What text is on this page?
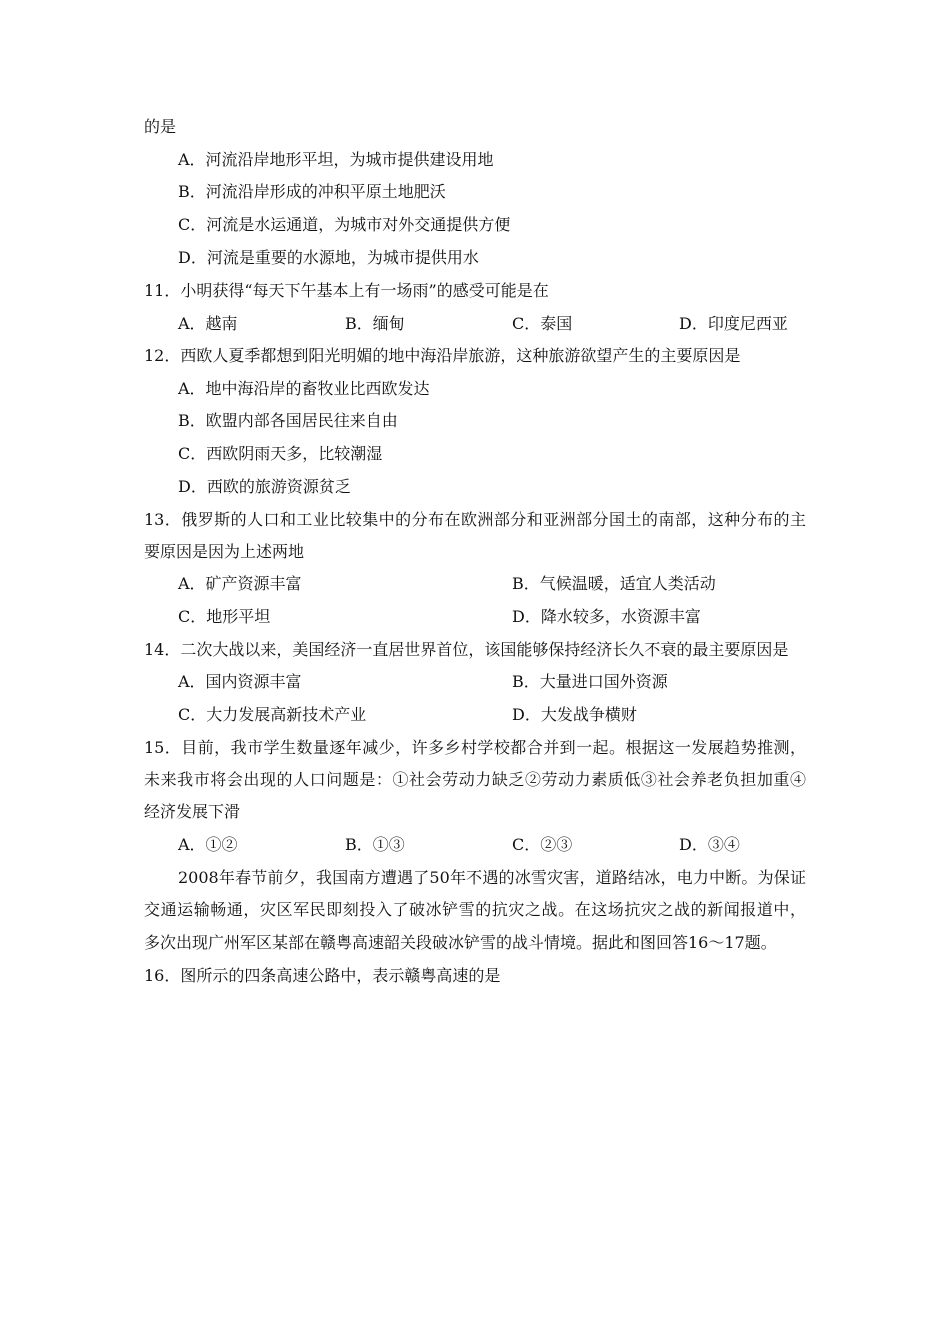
的是
A．河流沿岸地形平坦，为城市提供建设用地
B．河流沿岸形成的冲积平原土地肥沃
C．河流是水运通道，为城市对外交通提供方便
D．河流是重要的水源地，为城市提供用水
11．小明获得“每天下午基本上有一场雨”的感受可能是在
A．越南	B．缅甸	C．泰国	D．印度尼西亚
12．西欧人夏季都想到阳光明媚的地中海沿岸旅游，这种旅游欲望产生的主要原因是
A．地中海沿岸的畜牧业比西欧发达
B．欧盟内部各国居民往来自由
C．西欧阴雨天多，比较潮湿
D．西欧的旅游资源贫乏
13．俄罗斯的人口和工业比较集中的分布在欧洲部分和亚洲部分国土的南部，这种分布的主
要原因是因为上述两地
A．矿产资源丰富	B．气候温暖，适宜人类活动
C．地形平坦	D．降水较多，水资源丰富
14．二次大战以来，美国经济一直居世界首位，该国能够保持经济长久不衰的最主要原因是
A．国内资源丰富	B．大量进口国外资源
C．大力发展高新技术产业	D．大发战争横财
15．目前，我市学生数量逐年减少，许多乡村学校都合并到一起。根据这一发展趋势推测，
未来我市将会出现的人口问题是：①社会劳动力缺乏②劳动力素质低③社会养老负担加重④
经济发展下滑
A．①②	B．①③	C．②③	D．③④
2008年春节前夕，我国南方遭遇了50年不遇的冰雪灾害，道路结冰，电力中断。为保证
交通运输畅通，灾区军民即刻投入了破冰铲雪的抗灾之战。在这场抗灾之战的新闻报道中，
多次出现广州军区某部在赣粤高速韶关段破冰铲雪的战斗情境。据此和图回答16～17题。
16．图所示的四条高速公路中，表示赣粤高速的是
